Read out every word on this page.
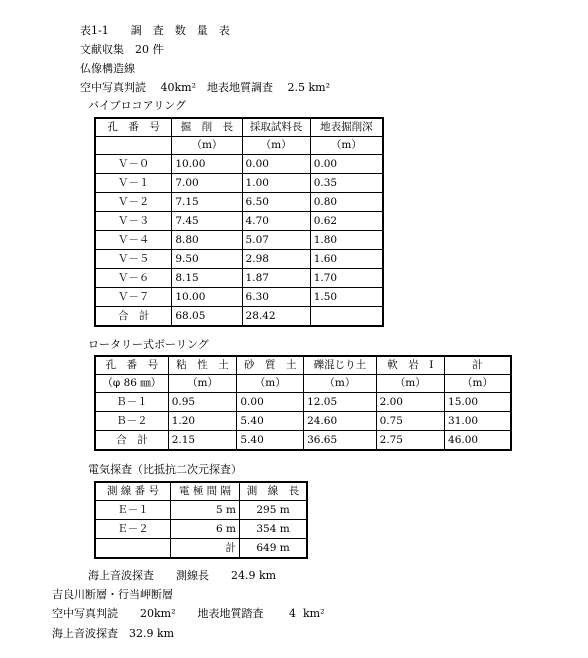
表1-1　　調　査　数　量　表
文献収集　20 件
仏像構造線
空中写真判読　 40km²　地表地質調査　 2.5 km²
バイブロコアリング
孔　番　号	掘　削　長	採取試料長	地表掘削深
	（m）	（m）	（m）
Ｖ－０	10.00	0.00	0.00
Ｖ－１	7.00	1.00	0.35
Ｖ－２	7.15	6.50	0.80
Ｖ－３	7.45	4.70	0.62
Ｖ－４	8.80	5.07	1.80
Ｖ－５	9.50	2.98	1.60
Ｖ－６	8.15	1.87	1.70
Ｖ－７	10.00	6.30	1.50
合　計	68.05	28.42	
ロータリー式ボーリング
孔　番　号	粘　性　土	砂　質　土	礫混じり土	軟　岩　Ⅰ	計
（φ 86 ㎜）	（m）	（m）	（m）	（m）	（m）
Ｂ－１	0.95	0.00	12.05	2.00	15.00
Ｂ－２	1.20	5.40	24.60	0.75	31.00
合　計	2.15	5.40	36.65	2.75	46.00
電気探査（比抵抗二次元探査）
測 線 番 号	電 極 間 隔	測　線　長
Ｅ－１	5 m	295 m
Ｅ－２	6 m	354 m
	計	649 m
海上音波探査　　測線長　　24.9 km
吉良川断層・行当岬断層
空中写真判読　　20km²　　地表地質踏査　　 4  km²
海上音波探査　32.9 km
